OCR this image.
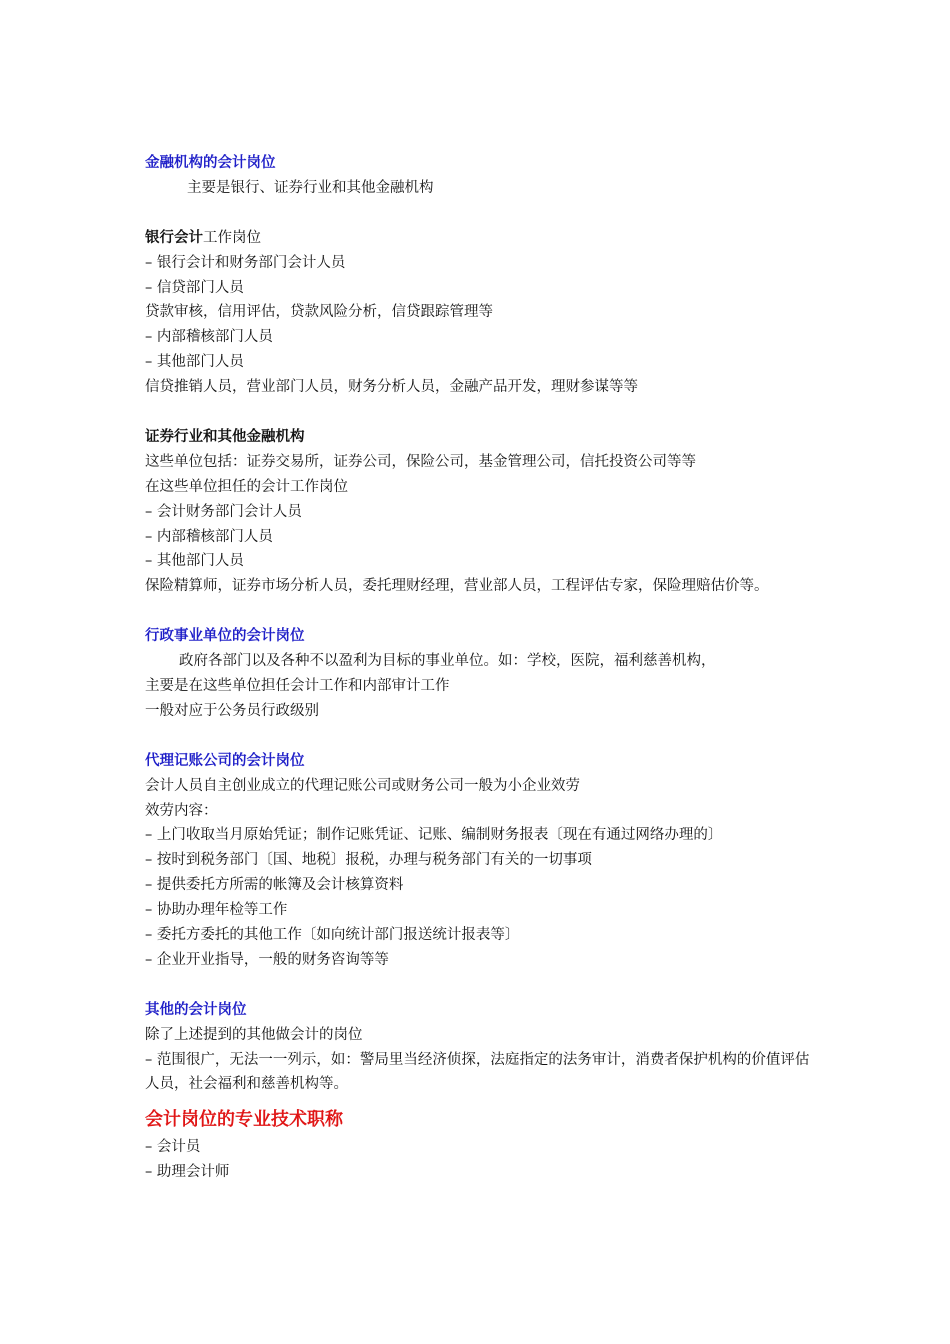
金融机构的会计岗位
主要是银行、证券行业和其他金融机构
银行会计工作岗位
– 银行会计和财务部门会计人员
– 信贷部门人员
贷款审核，信用评估，贷款风险分析，信贷跟踪管理等
– 内部稽核部门人员
– 其他部门人员
信贷推销人员，营业部门人员，财务分析人员，金融产品开发，理财参谋等等
证券行业和其他金融机构
这些单位包括：证券交易所，证券公司，保险公司，基金管理公司，信托投资公司等等
在这些单位担任的会计工作岗位
– 会计财务部门会计人员
– 内部稽核部门人员
– 其他部门人员
保险精算师，证券市场分析人员，委托理财经理，营业部人员，工程评估专家，保险理赔估价等。
行政事业单位的会计岗位
政府各部门以及各种不以盈利为目标的事业单位。如：学校，医院，福利慈善机构，
主要是在这些单位担任会计工作和内部审计工作
一般对应于公务员行政级别
代理记账公司的会计岗位
会计人员自主创业成立的代理记账公司或财务公司一般为小企业效劳
效劳内容：
– 上门收取当月原始凭证；制作记账凭证、记账、编制财务报表〔现在有通过网络办理的〕
– 按时到税务部门〔国、地税〕报税，办理与税务部门有关的一切事项
– 提供委托方所需的帐簿及会计核算资料
– 协助办理年检等工作
– 委托方委托的其他工作〔如向统计部门报送统计报表等〕
– 企业开业指导，一般的财务咨询等等
其他的会计岗位
除了上述提到的其他做会计的岗位
– 范围很广，无法一一列示，如：警局里当经济侦探，法庭指定的法务审计，消费者保护机构的价值评估人员，社会福利和慈善机构等。
会计岗位的专业技术职称
– 会计员
– 助理会计师
